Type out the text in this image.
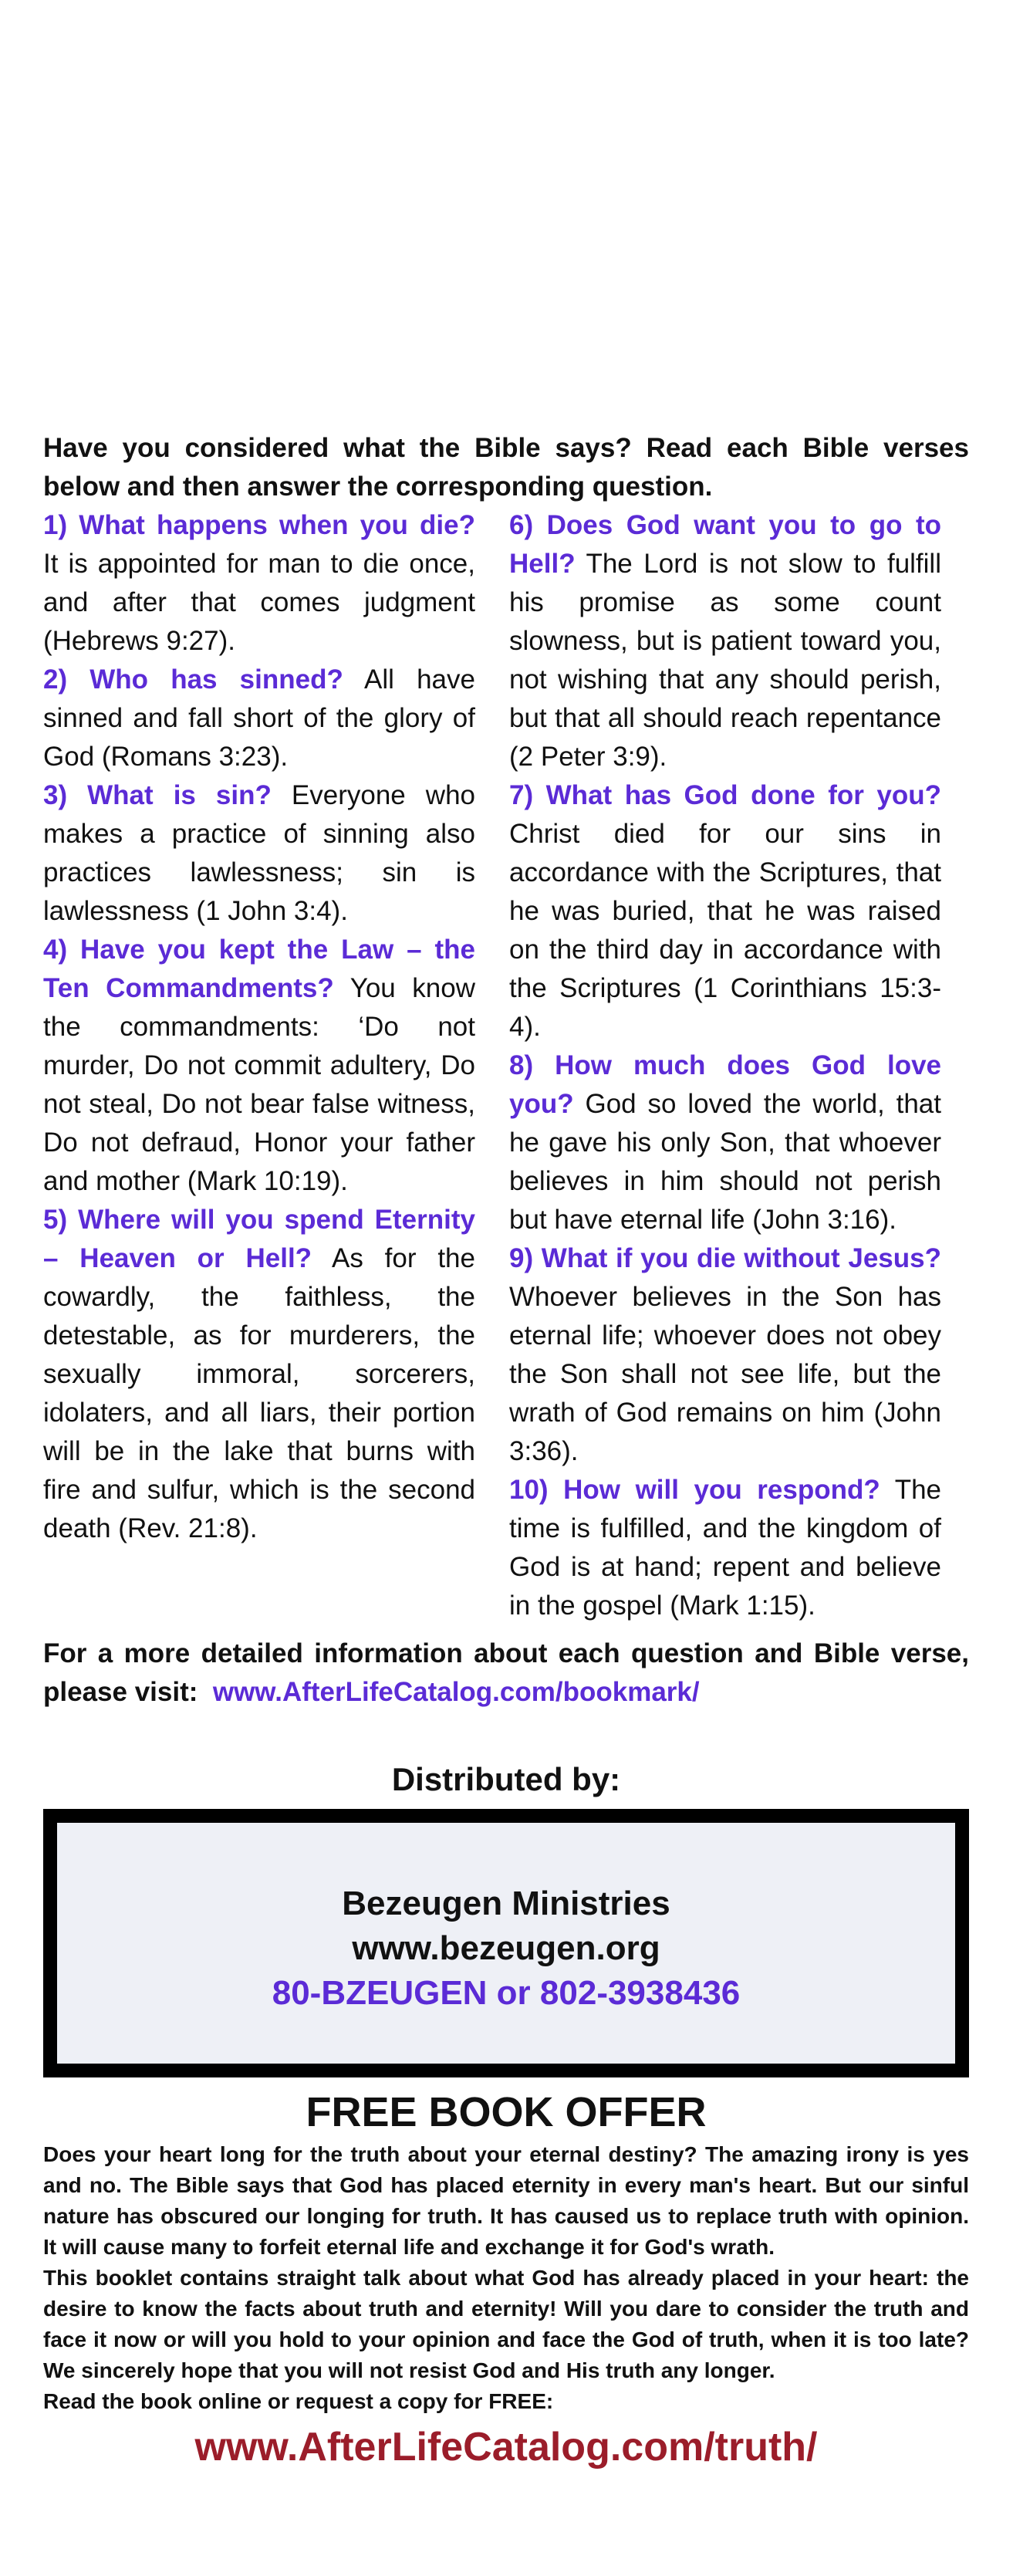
Have you considered what the Bible says? Read each Bible verses below and then answer the corresponding question.
1) What happens when you die? It is appointed for man to die once, and after that comes judgment (Hebrews 9:27).
2) Who has sinned? All have sinned and fall short of the glory of God (Romans 3:23).
3) What is sin? Everyone who makes a practice of sinning also practices lawlessness; sin is lawlessness (1 John 3:4).
4) Have you kept the Law – the Ten Commandments? You know the commandments: ‘Do not murder, Do not commit adultery, Do not steal, Do not bear false witness, Do not defraud, Honor your father and mother (Mark 10:19).
5) Where will you spend Eternity – Heaven or Hell? As for the cowardly, the faithless, the detestable, as for murderers, the sexually immoral, sorcerers, idolaters, and all liars, their portion will be in the lake that burns with fire and sulfur, which is the second death (Rev. 21:8).
6) Does God want you to go to Hell? The Lord is not slow to fulfill his promise as some count slowness, but is patient toward you, not wishing that any should perish, but that all should reach repentance (2 Peter 3:9).
7) What has God done for you? Christ died for our sins in accordance with the Scriptures, that he was buried, that he was raised on the third day in accordance with the Scriptures (1 Corinthians 15:3-4).
8) How much does God love you? God so loved the world, that he gave his only Son, that whoever believes in him should not perish but have eternal life (John 3:16).
9) What if you die without Jesus? Whoever believes in the Son has eternal life; whoever does not obey the Son shall not see life, but the wrath of God remains on him (John 3:36).
10) How will you respond? The time is fulfilled, and the kingdom of God is at hand; repent and believe in the gospel (Mark 1:15).
For a more detailed information about each question and Bible verse, please visit: www.AfterLifeCatalog.com/bookmark/
Distributed by:
Bezeugen Ministries
www.bezeugen.org
80-BZEUGEN or 802-3938436
FREE BOOK OFFER

Does your heart long for the truth about your eternal destiny? The amazing irony is yes and no. The Bible says that God has placed eternity in every man's heart. But our sinful nature has obscured our longing for truth. It has caused us to replace truth with opinion. It will cause many to forfeit eternal life and exchange it for God's wrath.

This booklet contains straight talk about what God has already placed in your heart: the desire to know the facts about truth and eternity! Will you dare to consider the truth and face it now or will you hold to your opinion and face the God of truth, when it is too late? We sincerely hope that you will not resist God and His truth any longer.

Read the book online or request a copy for FREE:

www.AfterLifeCatalog.com/truth/
